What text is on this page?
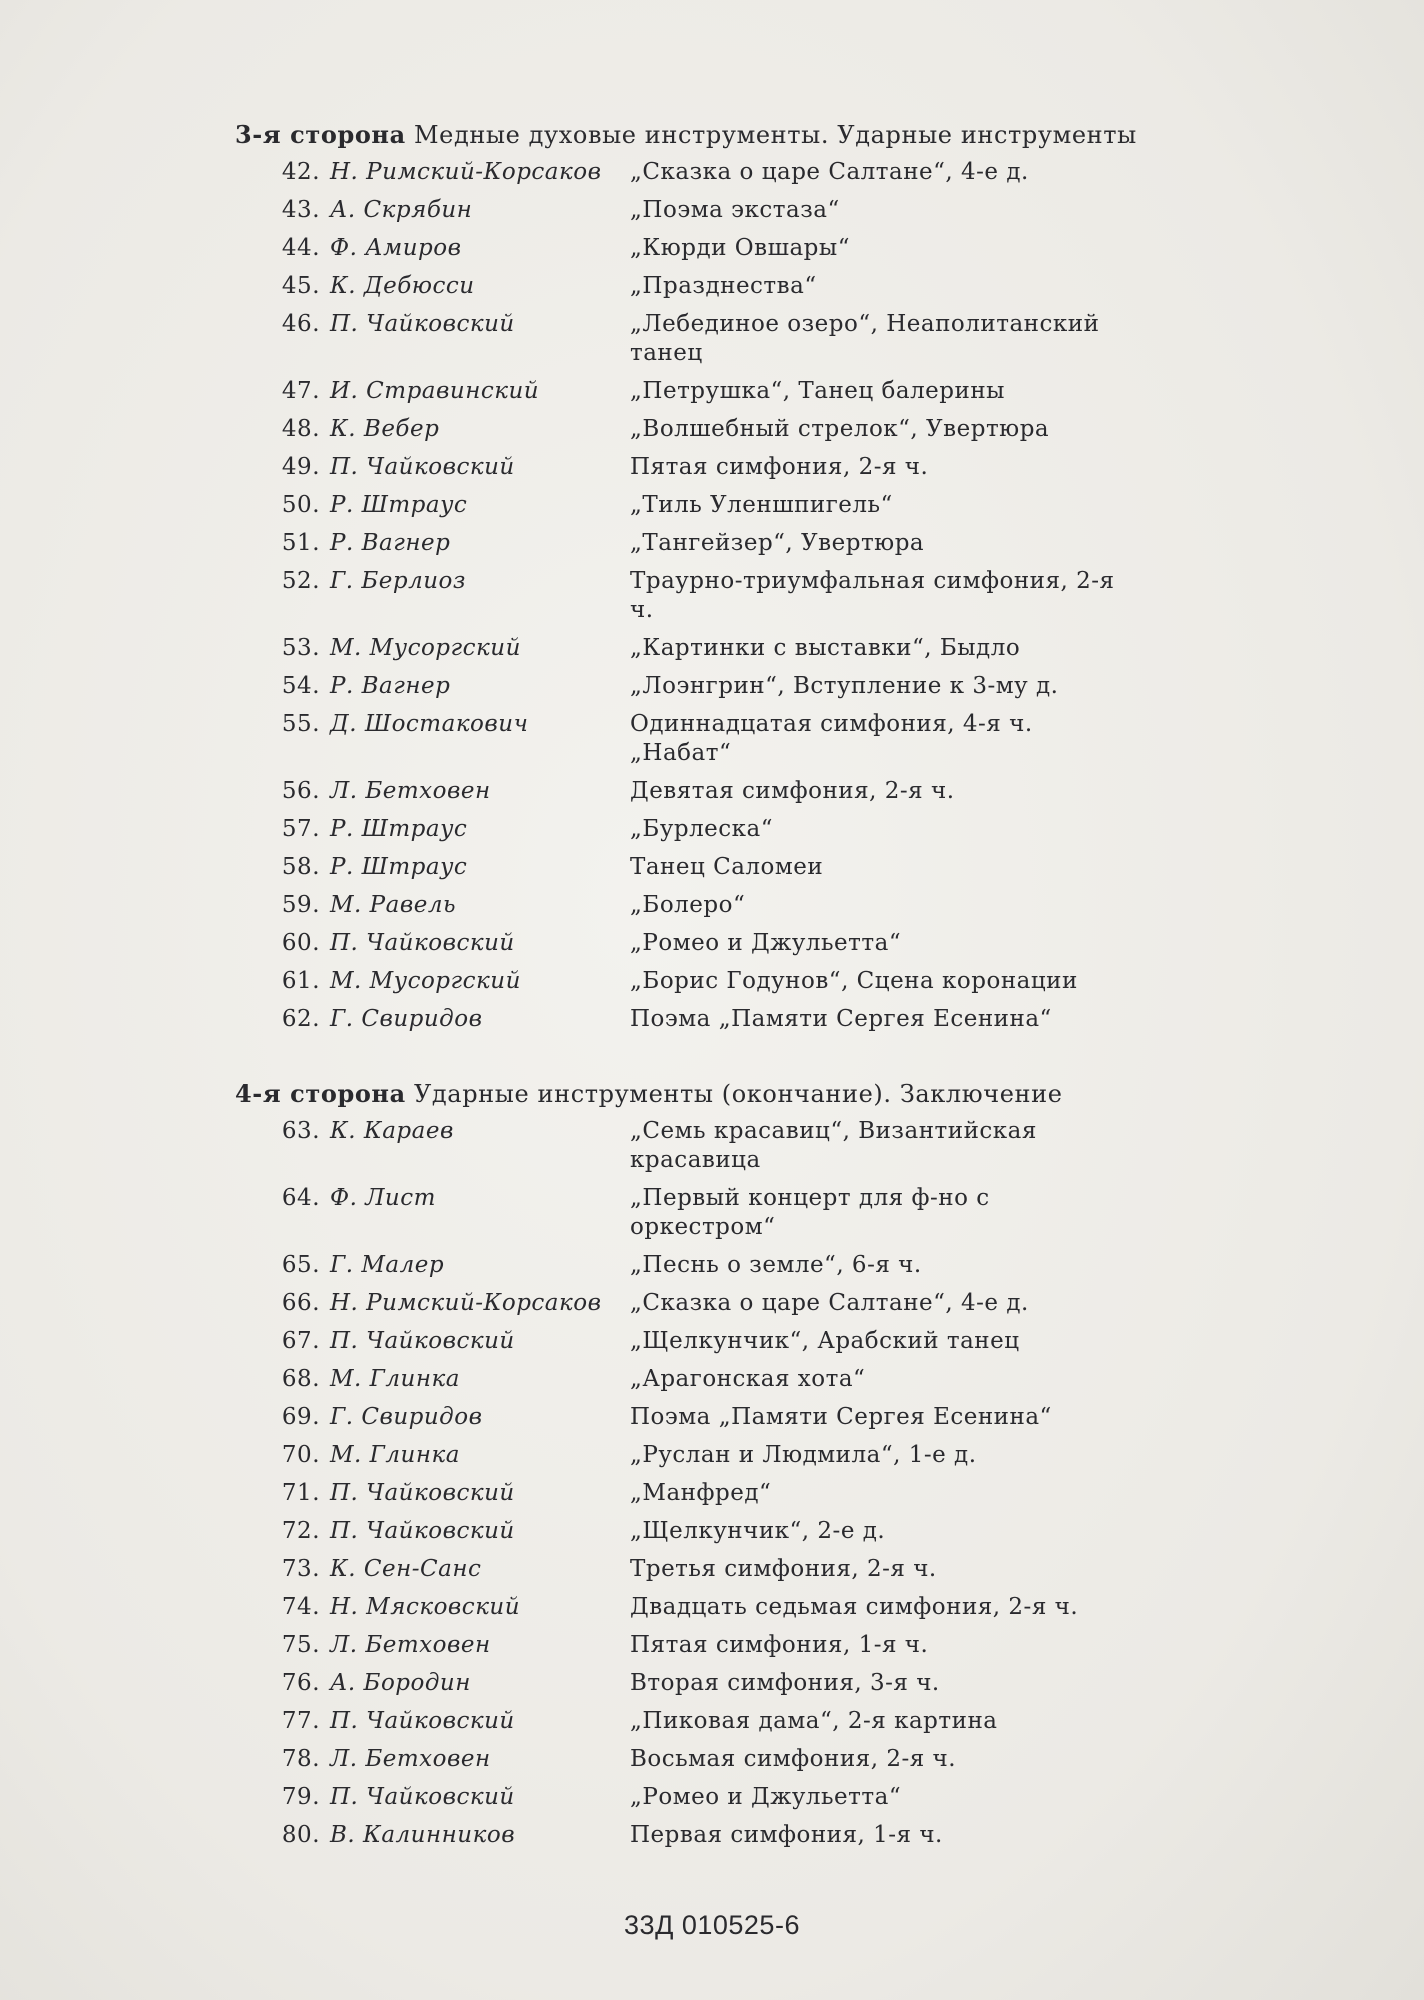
3-я сторона Медные духовые инструменты. Ударные инструменты
42. Н. Римский-Корсаков	„Сказка о царе Салтане“, 4-е д.
43. А. Скрябин	„Поэма экстаза“
44. Ф. Амиров	„Кюрди Овшары“
45. К. Дебюсси	„Празднества“
46. П. Чайковский	„Лебединое озеро“, Неаполитанский танец
47. И. Стравинский	„Петрушка“, Танец балерины
48. К. Вебер	„Волшебный стрелок“, Увертюра
49. П. Чайковский	Пятая симфония, 2-я ч.
50. Р. Штраус	„Тиль Уленшпигель“
51. Р. Вагнер	„Тангейзер“, Увертюра
52. Г. Берлиоз	Траурно-триумфальная симфония, 2-я ч.
53. М. Мусоргский	„Картинки с выставки“, Быдло
54. Р. Вагнер	„Лоэнгрин“, Вступление к 3-му д.
55. Д. Шостакович	Одиннадцатая симфония, 4-я ч. „Набат“
56. Л. Бетховен	Девятая симфония, 2-я ч.
57. Р. Штраус	„Бурлеска“
58. Р. Штраус	Танец Саломеи
59. М. Равель	„Болеро“
60. П. Чайковский	„Ромео и Джульетта“
61. М. Мусоргский	„Борис Годунов“, Сцена коронации
62. Г. Свиридов	Поэма „Памяти Сергея Есенина“
4-я сторона Ударные инструменты (окончание). Заключение
63. К. Караев	„Семь красавиц“, Византийская красавица
64. Ф. Лист	„Первый концерт для ф-но с оркестром“
65. Г. Малер	„Песнь о земле“, 6-я ч.
66. Н. Римский-Корсаков	„Сказка о царе Салтане“, 4-е д.
67. П. Чайковский	„Щелкунчик“, Арабский танец
68. М. Глинка	„Арагонская хота“
69. Г. Свиридов	Поэма „Памяти Сергея Есенина“
70. М. Глинка	„Руслан и Людмила“, 1-е д.
71. П. Чайковский	„Манфред“
72. П. Чайковский	„Щелкунчик“, 2-е д.
73. К. Сен-Санс	Третья симфония, 2-я ч.
74. Н. Мясковский	Двадцать седьмая симфония, 2-я ч.
75. Л. Бетховен	Пятая симфония, 1-я ч.
76. А. Бородин	Вторая симфония, 3-я ч.
77. П. Чайковский	„Пиковая дама“, 2-я картина
78. Л. Бетховен	Восьмая симфония, 2-я ч.
79. П. Чайковский	„Ромео и Джульетта“
80. В. Калинников	Первая симфония, 1-я ч.
33Д 010525-6
